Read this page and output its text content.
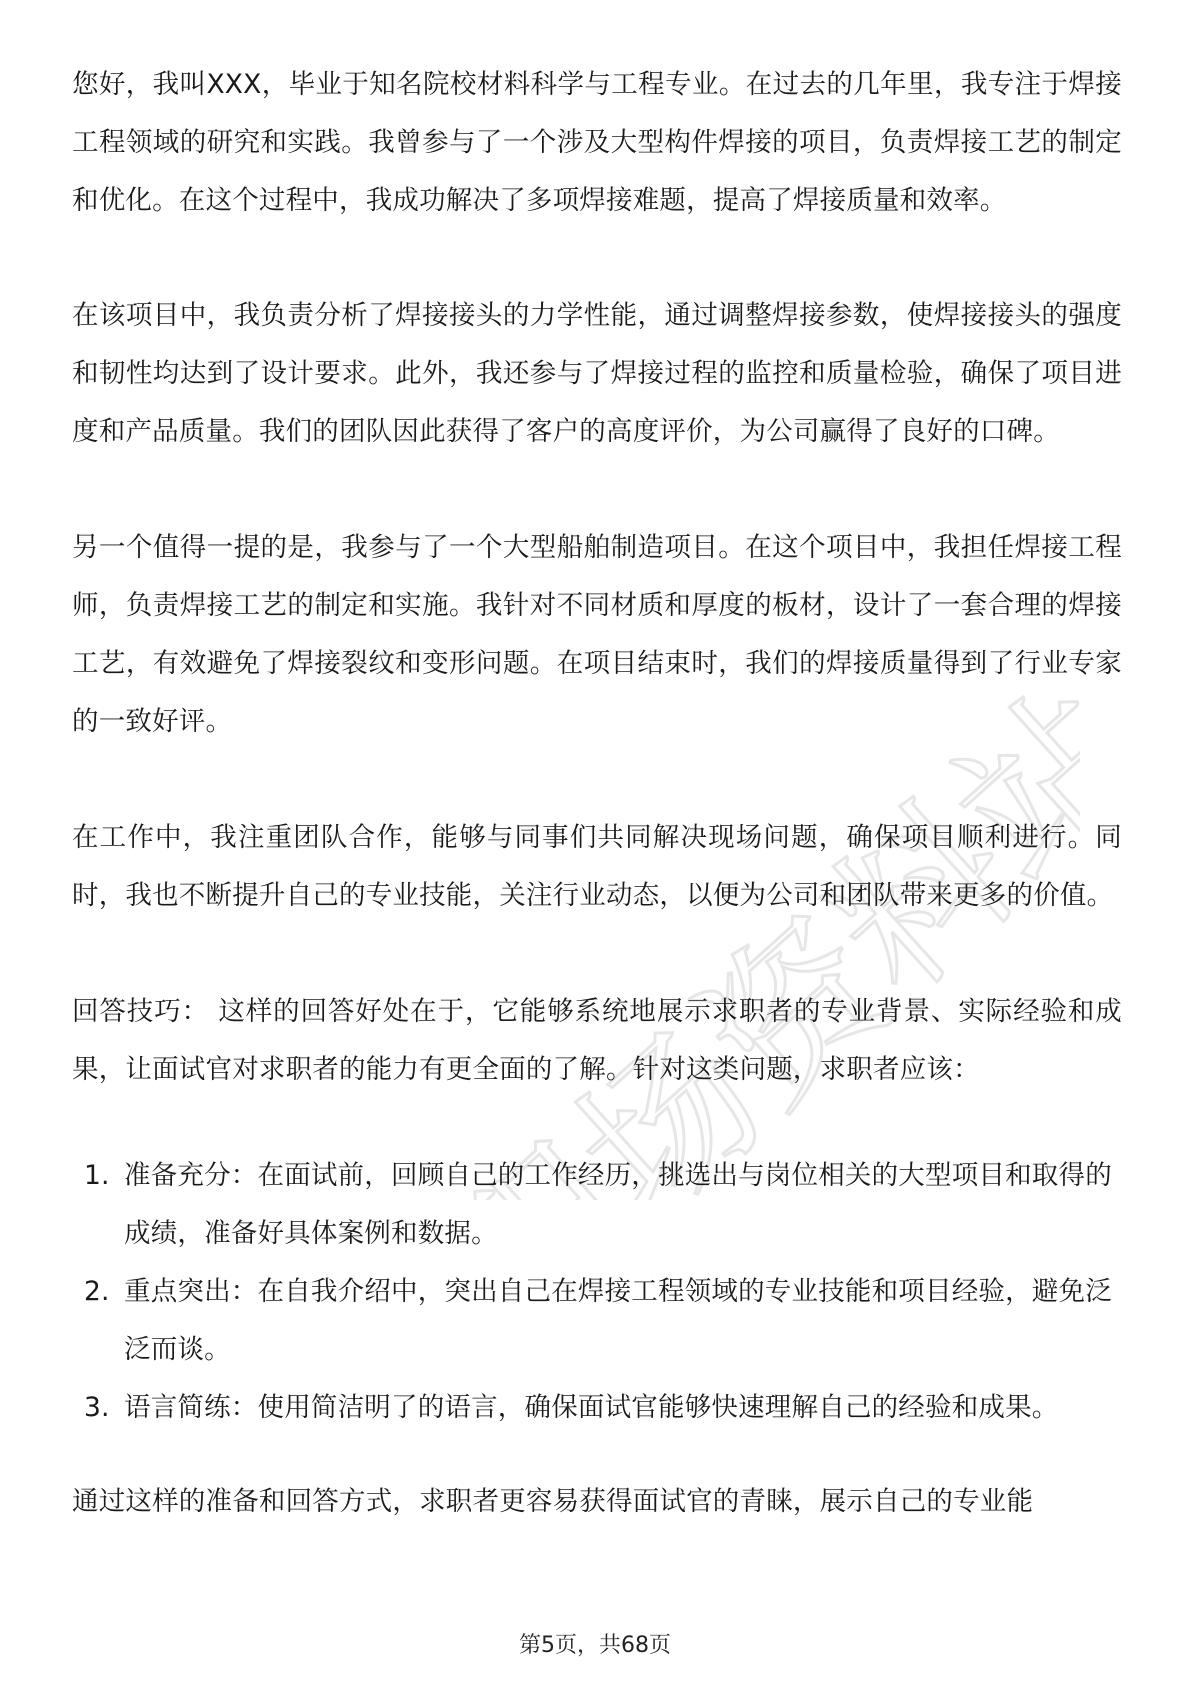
职场资料站

您好，我叫XXX，毕业于知名院校材料科学与工程专业。在过去的几年里，我专注于焊接工程领域的研究和实践。我曾参与了一个涉及大型构件焊接的项目，负责焊接工艺的制定和优化。在这个过程中，我成功解决了多项焊接难题，提高了焊接质量和效率。

在该项目中，我负责分析了焊接接头的力学性能，通过调整焊接参数，使焊接接头的强度和韧性均达到了设计要求。此外，我还参与了焊接过程的监控和质量检验，确保了项目进度和产品质量。我们的团队因此获得了客户的高度评价，为公司赢得了良好的口碑。

另一个值得一提的是，我参与了一个大型船舶制造项目。在这个项目中，我担任焊接工程师，负责焊接工艺的制定和实施。我针对不同材质和厚度的板材，设计了一套合理的焊接工艺，有效避免了焊接裂纹和变形问题。在项目结束时，我们的焊接质量得到了行业专家的一致好评。

在工作中，我注重团队合作，能够与同事们共同解决现场问题，确保项目顺利进行。同时，我也不断提升自己的专业技能，关注行业动态，以便为公司和团队带来更多的价值。

回答技巧： 这样的回答好处在于，它能够系统地展示求职者的专业背景、实际经验和成果，让面试官对求职者的能力有更全面的了解。针对这类问题，求职者应该：

1. 准备充分：在面试前，回顾自己的工作经历，挑选出与岗位相关的大型项目和取得的成绩，准备好具体案例和数据。
2. 重点突出：在自我介绍中，突出自己在焊接工程领域的专业技能和项目经验，避免泛泛而谈。
3. 语言简练：使用简洁明了的语言，确保面试官能够快速理解自己的经验和成果。

通过这样的准备和回答方式，求职者更容易获得面试官的青睐，展示自己的专业能

第5页，共68页
